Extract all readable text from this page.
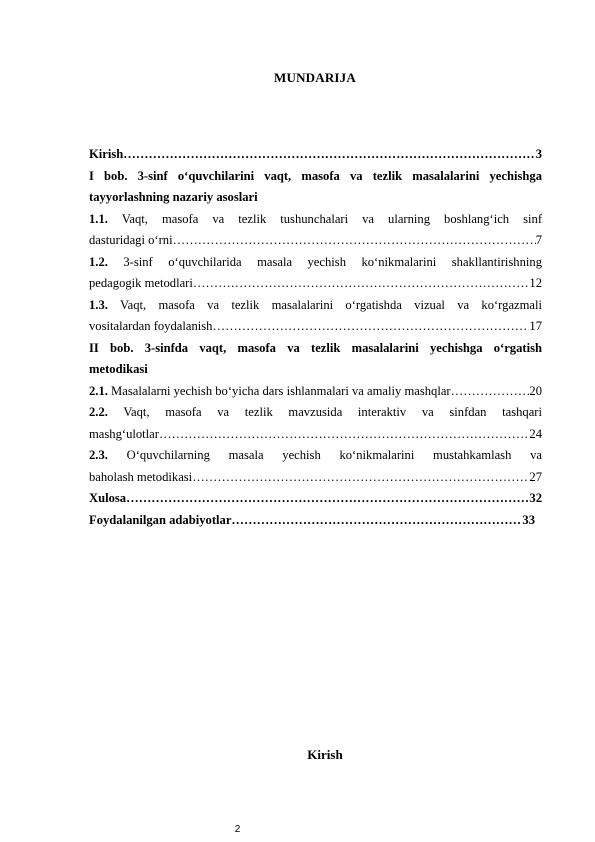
MUNDARIJA
Kirish …………………………………………………………………………………………………………………………………………	3
I bob. 3-sinf o‘quvchilarini vaqt, masofa va tezlik masalalarini yechishga
tayyorlashning nazariy asoslari
1.1. Vaqt, masofa va tezlik tushunchalari va ularning boshlang‘ich sinf
dasturidagi o‘rni …………………………………………………………………………………………………………………………………………	7
1.2. 3-sinf o‘quvchilarida masala yechish ko‘nikmalarini shakllantirishning
pedagogik metodlari …………………………………………………………………………………………………………………………………………	12
1.3. Vaqt, masofa va tezlik masalalarini o‘rgatishda vizual va ko‘rgazmali
vositalardan foydalanish …………………………………………………………………………………………………………………………………………	17
II bob. 3-sinfda vaqt, masofa va tezlik masalalarini yechishga o‘rgatish
metodikasi
2.1.
Masalalarni yechish bo‘yicha dars ishlanmalari va amaliy mashqlar …………………………………………………………………………………………………………………………………………	20
2.2. Vaqt, masofa va tezlik mavzusida interaktiv va sinfdan tashqari
mashg‘ulotlar …………………………………………………………………………………………………………………………………………	24
2.3. O‘quvchilarning masala yechish ko‘nikmalarini mustahkamlash va
baholash metodikasi …………………………………………………………………………………………………………………………………………	27
Xulosa …………………………………………………………………………………………………………………………………………	32
Foydalanilgan adabiyotlar …………………………………………………………………………………………………………………………………………	33
Kirish
2
